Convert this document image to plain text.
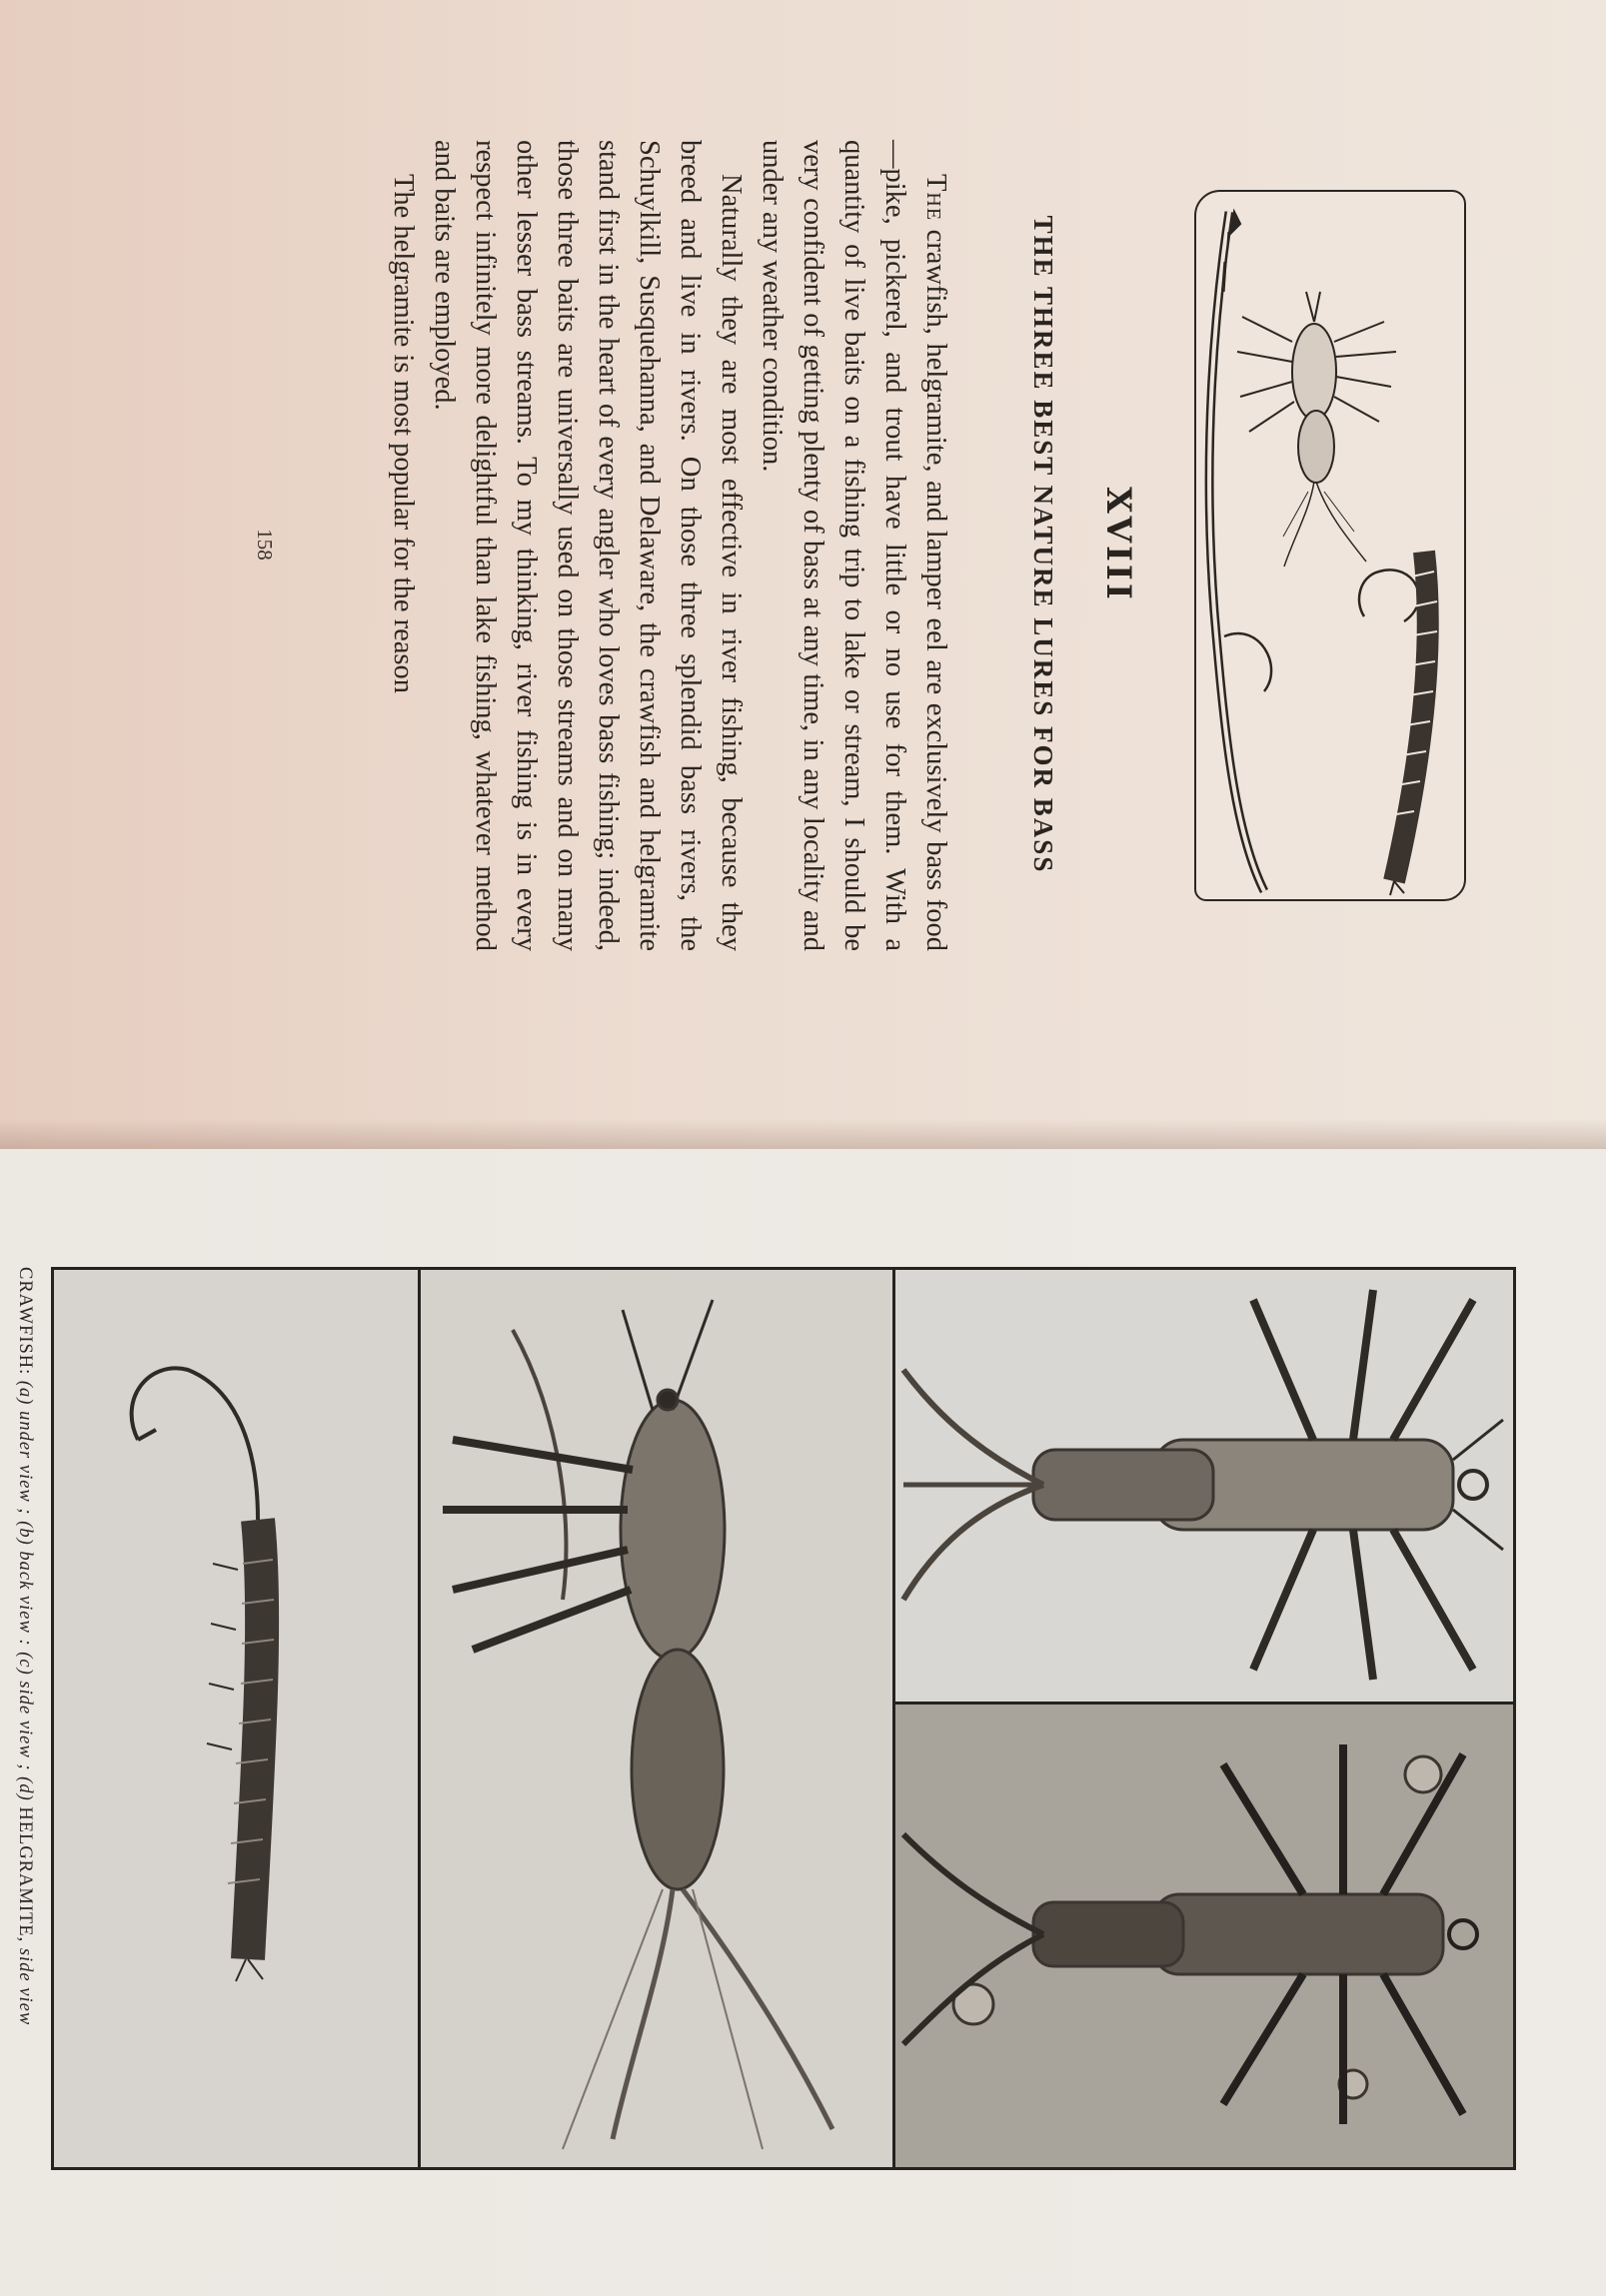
XVIII
THE THREE BEST NATURE LURES FOR BASS

The crawfish, helgramite, and lamper eel are exclusively bass food—pike, pickerel, and trout have little or no use for them. With a quantity of live baits on a fishing trip to lake or stream, I should be very confident of getting plenty of bass at any time, in any locality and under any weather condition.

Naturally they are most effective in river fishing, because they breed and live in rivers. On those three splendid bass rivers, the Schuylkill, Susquehanna, and Delaware, the crawfish and helgramite stand first in the heart of every angler who loves bass fishing; indeed, those three baits are universally used on those streams and on many other lesser bass streams. To my thinking, river fishing is in every respect infinitely more delightful than lake fishing, whatever method and baits are employed.

The helgramite is most popular for the reason

158
CRAWFISH: (a) under view ; (b) back view : (c) side view ; (d) HELGRAMITE, side view
